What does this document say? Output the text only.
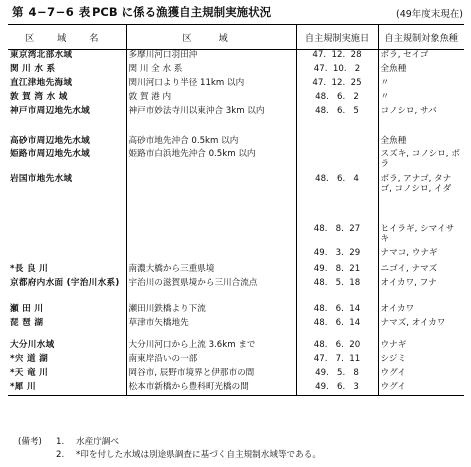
第 4−7−6 表 PCB に係る漁獲自主規制実施状況	(49年度末現在)
区 域 名	区 域	自主規制実施日	自主規制対象魚種
東京湾北部水域	多摩川河口羽田沖	47.  12.  28	ボラ, セイゴ
関 川 水 系	関 川 全 水 系	47.  10.   2	全魚種
直江津地先海域	関川河口より半径 11km 以内	47.  12.  25	〃
敦 賀 湾 水 域	敦 賀 港 内	48.   6.   2	〃
神戸市周辺地先水域	神戸市妙法寺川以東沖合 3km 以内	48.   6.   5	コノシロ, サバ
高砂市周辺地先水域	高砂市地先沖合 0.5km 以内		全魚種
姫路市周辺地先水域	姫路市白浜地先沖合 0.5km 以内		スズキ, コノシロ, ボラ
岩国市地先水域		48.   6.   4	ボラ, アナゴ, タナゴ, コノシロ, イダ
		48.   8.  27	ヒイラギ, シマイサキ
		49.   3.  29	ナマコ, ウナギ
*長 良 川	南濃大橋から三重県境	49.   8.  21	ニゴイ, ナマズ
京都府内水面 (宇治川水系)	宇治川の滋賀県境から三川合流点	48.   5.  18	オイカワ, フナ
瀬 田 川	瀬田川鉄橋より下流	48.   6.  14	オイカワ
琵 琶 湖	草津市矢橋地先	48.   6.  14	ナマズ, オイカワ
大分川水域	大分川河口から上流 3.6km まで	48.   6.  20	ウナギ
*宍 道 湖	南東岸沿いの一部	47.   7.  11	シジミ
*天 竜 川	岡谷市, 辰野市境界と伊那市の間	49.   5.   8	ウグイ
*犀 川	松本市新橋から豊科町光橋の間	49.   6.   3	ウグイ
(備考) 1. 水産庁調べ
2. *印を付した水域は別途県調査に基づく自主規制水域等である。
